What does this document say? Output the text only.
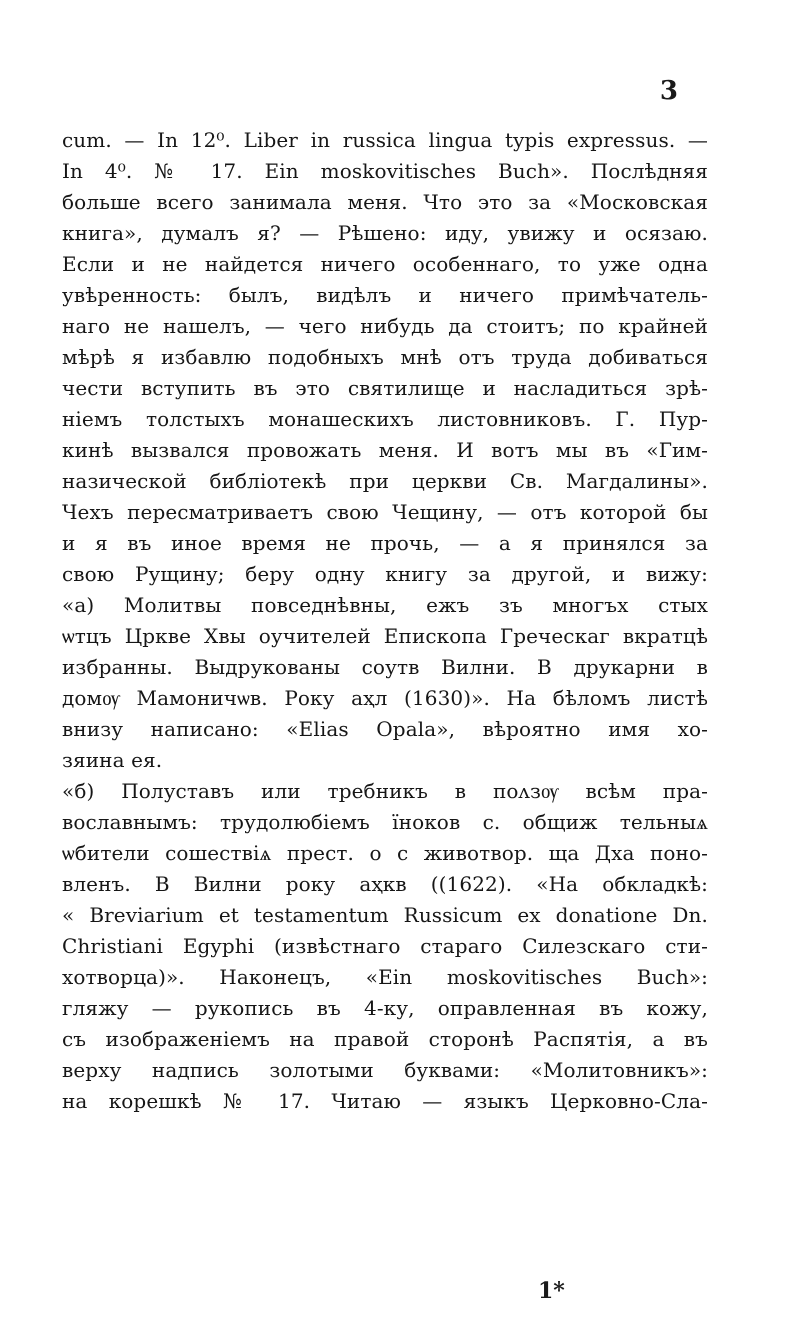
3
cum. — In 12⁰. Liber in russica lingua typis expressus. —
In 4⁰. № 17. Ein moskovitisches Buch». Послѣдняя
больше всего занимала меня. Что это за «Московская
книга», думалъ я? — Рѣшено: иду, увижу и осязаю.
Если и не найдется ничего особеннаго, то уже одна
увѣренность: былъ, видѣлъ и ничего примѣчатель-
наго не нашелъ, — чего нибудь да стоитъ; по крайней
мѣрѣ я избавлю подобныхъ мнѣ отъ труда добиваться
чести вступить въ это святилище и насладиться зрѣ-
ніемъ толстыхъ монашескихъ листовниковъ. Г. Пур-
кинѣ вызвался провожать меня. И вотъ мы въ «Гим-
назической библіотекѣ при церкви Св. Магдалины».
Чехъ пересматриваетъ свою Чещину, — отъ которой бы
и я въ иное время не прочь, — а я принялся за
свою Рущину; беру одну книгу за другой, и вижу:
«а) Молитвы повседнѣвны, ежъ зъ многъх стых
ѡтцъ Цркве Хвы оучителей Епископа Греческаг вкратцѣ
избранны. Выдрукованы соутв Вилни. В друкарни в
домѹ Мамоничѡв. Року аҳл (1630)». На бѣломъ листѣ
внизу написано: «Elias Opala», вѣроятно имя хо-
зяина ея.
«б) Полуставъ или требникъ в поʌзѹ всѣм пра-
вославнымъ: трудолюбіемъ їноков с. общиж тельныѧ
ѡбители сошествіѧ прест. о с животвор. ща Дха поно-
вленъ. В Вилни року аҳкв ((1622). «На обкладкѣ:
« Breviarium et testamentum Russicum ex donatione Dn.
Christiani Egyphi (извѣстнаго стараго Силезскаго сти-
хотворца)». Наконецъ, «Ein moskovitisches Buch»:
гляжу — рукопись въ 4-ку, оправленная въ кожу,
съ изображеніемъ на правой сторонѣ Распятія, а въ
верху надпись золотыми буквами: «Молитовникъ»:
на корешкѣ № 17. Читаю — языкъ Церковно-Сла-
1*
